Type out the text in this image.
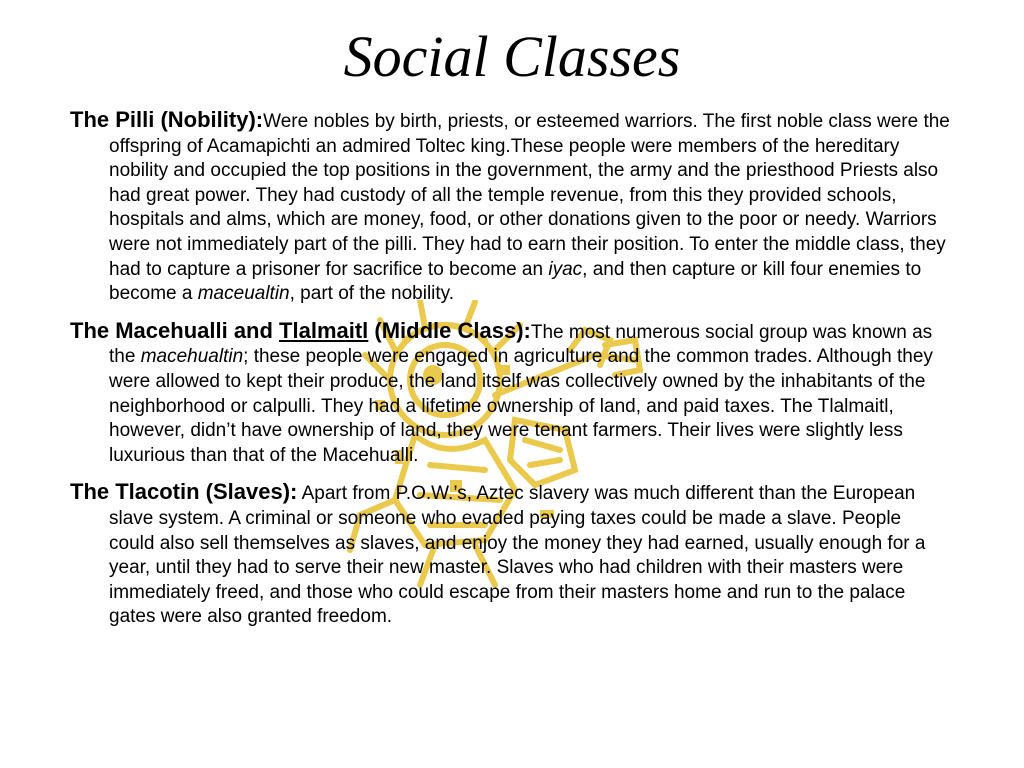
Social Classes

The Pilli (Nobility):Were nobles by birth, priests, or esteemed warriors. The first noble class were the offspring of Acamapichti an admired Toltec king.These people were members of the hereditary nobility and occupied the top positions in the government, the army and the priesthood Priests also had great power. They had custody of all the temple revenue, from this they provided schools, hospitals and alms, which are money, food, or other donations given to the poor or needy. Warriors were not immediately part of the pilli. They had to earn their position. To enter the middle class, they had to capture a prisoner for sacrifice to become an iyac, and then capture or kill four enemies to become a maceualtin, part of the nobility.

The Macehualli and Tlalmaitl (Middle Class):The most numerous social group was known as the macehualtin; these people were engaged in agriculture and the common trades. Although they were allowed to kept their produce, the land itself was collectively owned by the inhabitants of the neighborhood or calpulli. They had a lifetime ownership of land, and paid taxes. The Tlalmaitl, however, didn’t have ownership of land, they were tenant farmers. Their lives were slightly less luxurious than that of the Macehualli.

The Tlacotin (Slaves): Apart from P.O.W.’s, Aztec slavery was much different than the European slave system. A criminal or someone who evaded paying taxes could be made a slave. People could also sell themselves as slaves, and enjoy the money they had earned, usually enough for a year, until they had to serve their new master. Slaves who had children with their masters were immediately freed, and those who could escape from their masters home and run to the palace gates were also granted freedom.
